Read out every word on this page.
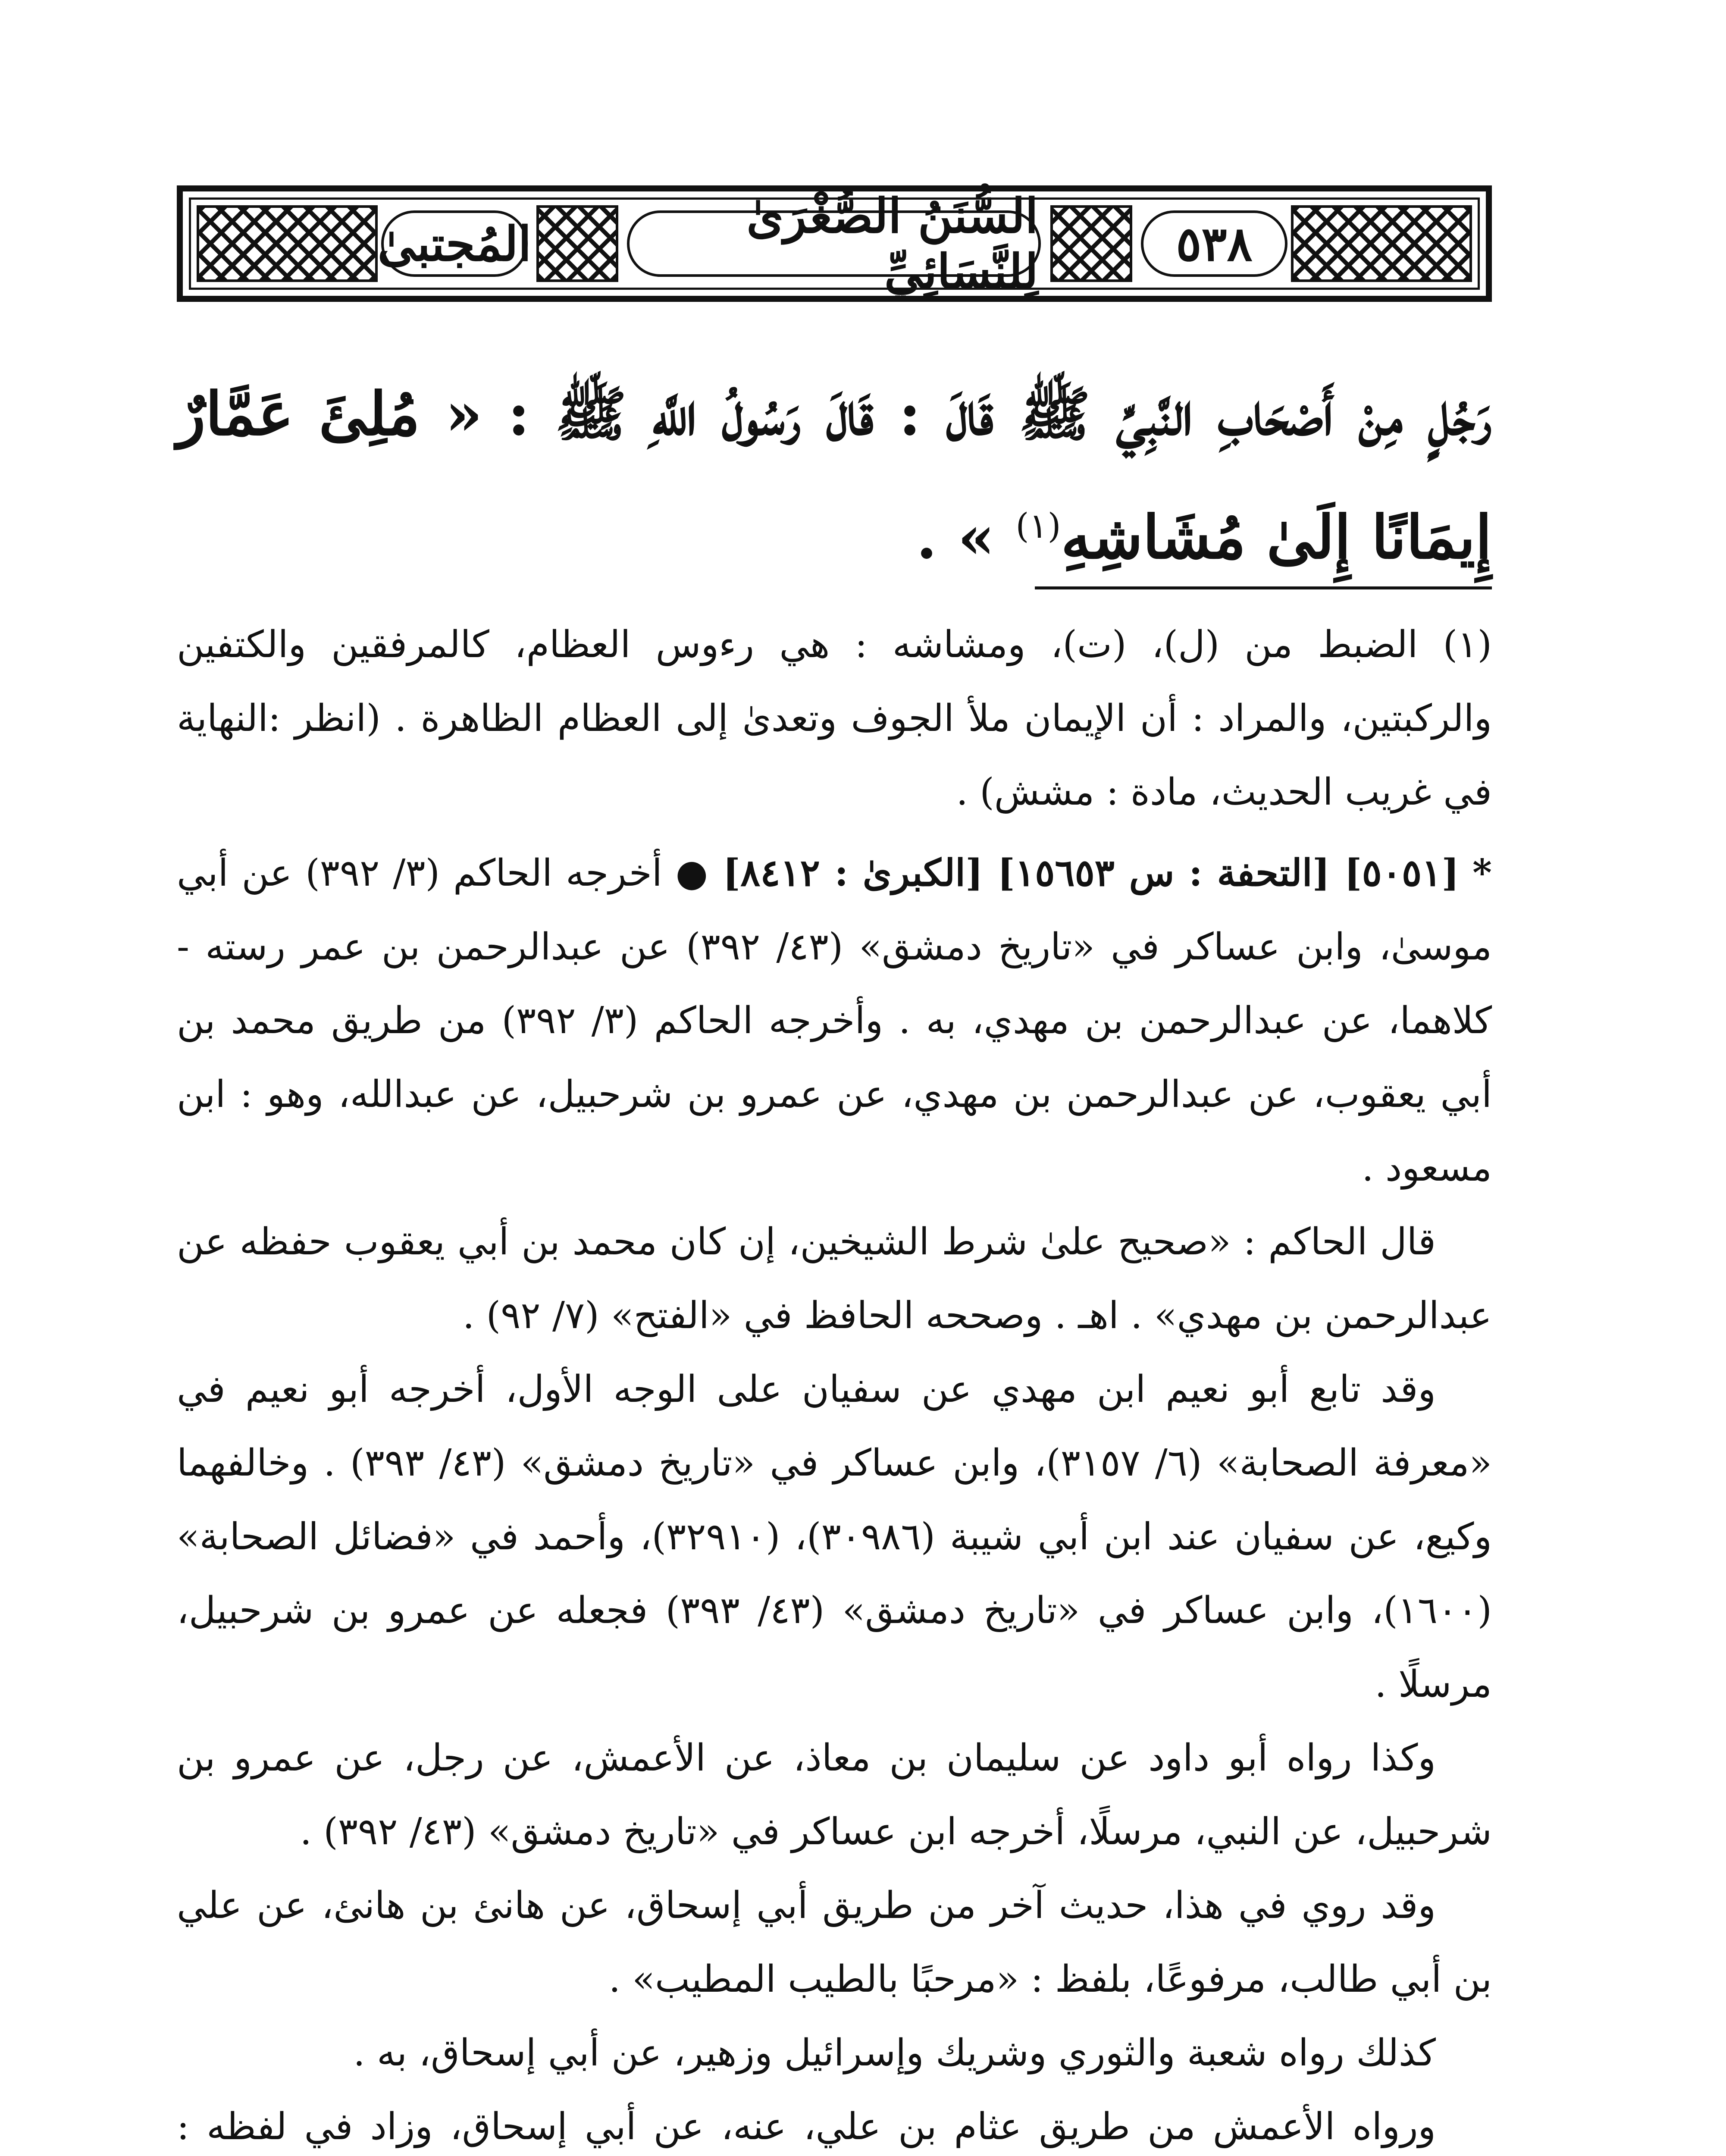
٥٣٨
السُّنَنُ الصُّغْرَىٰ لِلنَّسَائِيِّ
المُجتبىٰ
رَجُلٍ مِنْ أَصْحَابِ النَّبِيِّ ﷺ قَالَ : قَالَ رَسُولُ اللَّهِ ﷺ : « مُلِئَ عَمَّارٌ إِيمَانًا إِلَىٰ مُشَاشِهِ$^{(١)}$ » .

(١) الضبط من (ل)، (ت)، ومشاشه : هي رءوس العظام، كالمرفقين والكتفين والركبتين، والمراد : أن الإيمان ملأ الجوف وتعدىٰ إلى العظام الظاهرة . (انظر :النهاية في غريب الحديث، مادة : مشش) .

* [٥٠٥١] [التحفة : س ١٥٦٥٣] [الكبرىٰ : ٨٤١٢] ● أخرجه الحاكم (٣/ ٣٩٢) عن أبي موسىٰ، وابن عساكر في «تاريخ دمشق» (٤٣/ ٣٩٢) عن عبدالرحمن بن عمر رسته - كلاهما، عن عبدالرحمن بن مهدي، به . وأخرجه الحاكم (٣/ ٣٩٢) من طريق محمد بن أبي يعقوب، عن عبدالرحمن بن مهدي، عن عمرو بن شرحبيل، عن عبدالله، وهو : ابن مسعود .

قال الحاكم : «صحيح علىٰ شرط الشيخين، إن كان محمد بن أبي يعقوب حفظه عن عبدالرحمن بن مهدي» . اهـ . وصححه الحافظ في «الفتح» (٧/ ٩٢) .

وقد تابع أبو نعيم ابن مهدي عن سفيان على الوجه الأول، أخرجه أبو نعيم في «معرفة الصحابة» (٦/ ٣١٥٧)، وابن عساكر في «تاريخ دمشق» (٤٣/ ٣٩٣) . وخالفهما وكيع، عن سفيان عند ابن أبي شيبة (٣٠٩٨٦)، (٣٢٩١٠)، وأحمد في «فضائل الصحابة» (١٦٠٠)، وابن عساكر في «تاريخ دمشق» (٤٣/ ٣٩٣) فجعله عن عمرو بن شرحبيل، مرسلًا .

وكذا رواه أبو داود عن سليمان بن معاذ، عن الأعمش، عن رجل، عن عمرو بن شرحبيل، عن النبي، مرسلًا، أخرجه ابن عساكر في «تاريخ دمشق» (٤٣/ ٣٩٢) .

وقد روي في هذا، حديث آخر من طريق أبي إسحاق، عن هانئ بن هانئ، عن علي بن أبي طالب، مرفوعًا، بلفظ : «مرحبًا بالطيب المطيب» .

كذلك رواه شعبة والثوري وشريك وإسرائيل وزهير، عن أبي إسحاق، به .

ورواه الأعمش من طريق عثام بن علي، عنه، عن أبي إسحاق، وزاد في لفظه :
